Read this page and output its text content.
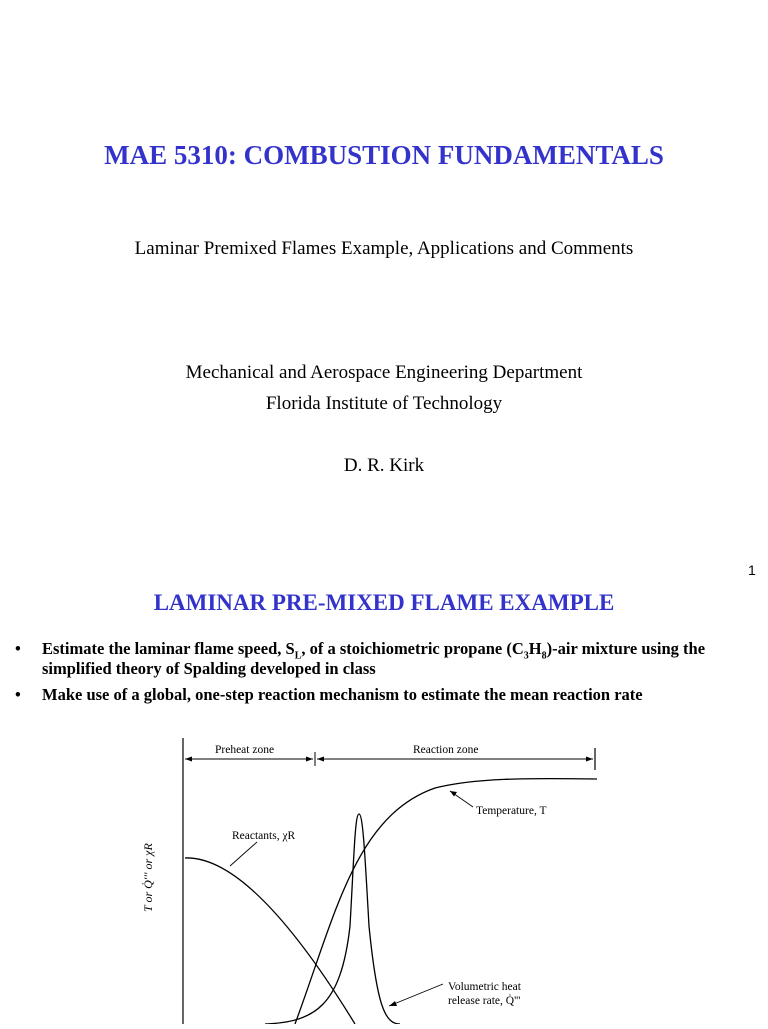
MAE 5310: COMBUSTION FUNDAMENTALS
Laminar Premixed Flames Example, Applications and Comments
Mechanical and Aerospace Engineering Department
Florida Institute of Technology
D. R. Kirk
1
LAMINAR PRE-MIXED FLAME EXAMPLE
• Estimate the laminar flame speed, $S_L$, of a stoichiometric propane $(C_3H_8)$-air mixture using the simplified theory of Spalding developed in class
• Make use of a global, one-step reaction mechanism to estimate the mean reaction rate
Preheat zone	Reaction zone
Temperature, T
Reactants, χR
Volumetric heat
release rate, Q̇'''
T or Q̇''' or χR
